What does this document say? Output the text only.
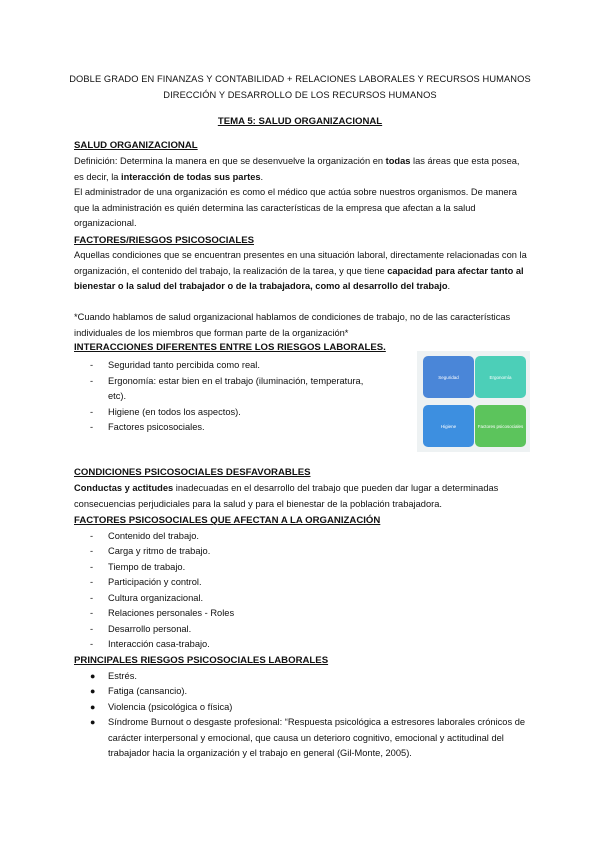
DOBLE GRADO EN FINANZAS Y CONTABILIDAD + RELACIONES LABORALES Y RECURSOS HUMANOS
DIRECCIÓN Y DESARROLLO DE LOS RECURSOS HUMANOS
TEMA 5: SALUD ORGANIZACIONAL
SALUD ORGANIZACIONAL
Definición: Determina la manera en que se desenvuelve la organización en todas las áreas que esta posea, es decir, la interacción de todas sus partes.
El administrador de una organización es como el médico que actúa sobre nuestros organismos. De manera que la administración es quién determina las características de la empresa que afectan a la salud organizacional.
FACTORES/RIESGOS PSICOSOCIALES
Aquellas condiciones que se encuentran presentes en una situación laboral, directamente relacionadas con la organización, el contenido del trabajo, la realización de la tarea, y que tiene capacidad para afectar tanto al bienestar o la salud del trabajador o de la trabajadora, como al desarrollo del trabajo.
*Cuando hablamos de salud organizacional hablamos de condiciones de trabajo, no de las características individuales de los miembros que forman parte de la organización*
INTERACCIONES DIFERENTES ENTRE LOS RIESGOS LABORALES.
- Seguridad tanto percibida como real.
- Ergonomía: estar bien en el trabajo (iluminación, temperatura,
etc).
- Higiene (en todos los aspectos).
- Factores psicosociales.
Seguridad	Ergonomía
Higiene	Factores psicosociales
CONDICIONES PSICOSOCIALES DESFAVORABLES
Conductas y actitudes inadecuadas en el desarrollo del trabajo que pueden dar lugar a determinadas consecuencias perjudiciales para la salud y para el bienestar de la población trabajadora.
FACTORES PSICOSOCIALES QUE AFECTAN A LA ORGANIZACIÓN
- Contenido del trabajo.
- Carga y ritmo de trabajo.
- Tiempo de trabajo.
- Participación y control.
- Cultura organizacional.
- Relaciones personales - Roles
- Desarrollo personal.
- Interacción casa-trabajo.
PRINCIPALES RIESGOS PSICOSOCIALES LABORALES
● Estrés.
● Fatiga (cansancio).
● Violencia (psicológica o física)
● Síndrome Burnout o desgaste profesional: “Respuesta psicológica a estresores laborales crónicos de carácter interpersonal y emocional, que causa un deterioro cognitivo, emocional y actitudinal del trabajador hacia la organización y el trabajo en general (Gil-Monte, 2005).
